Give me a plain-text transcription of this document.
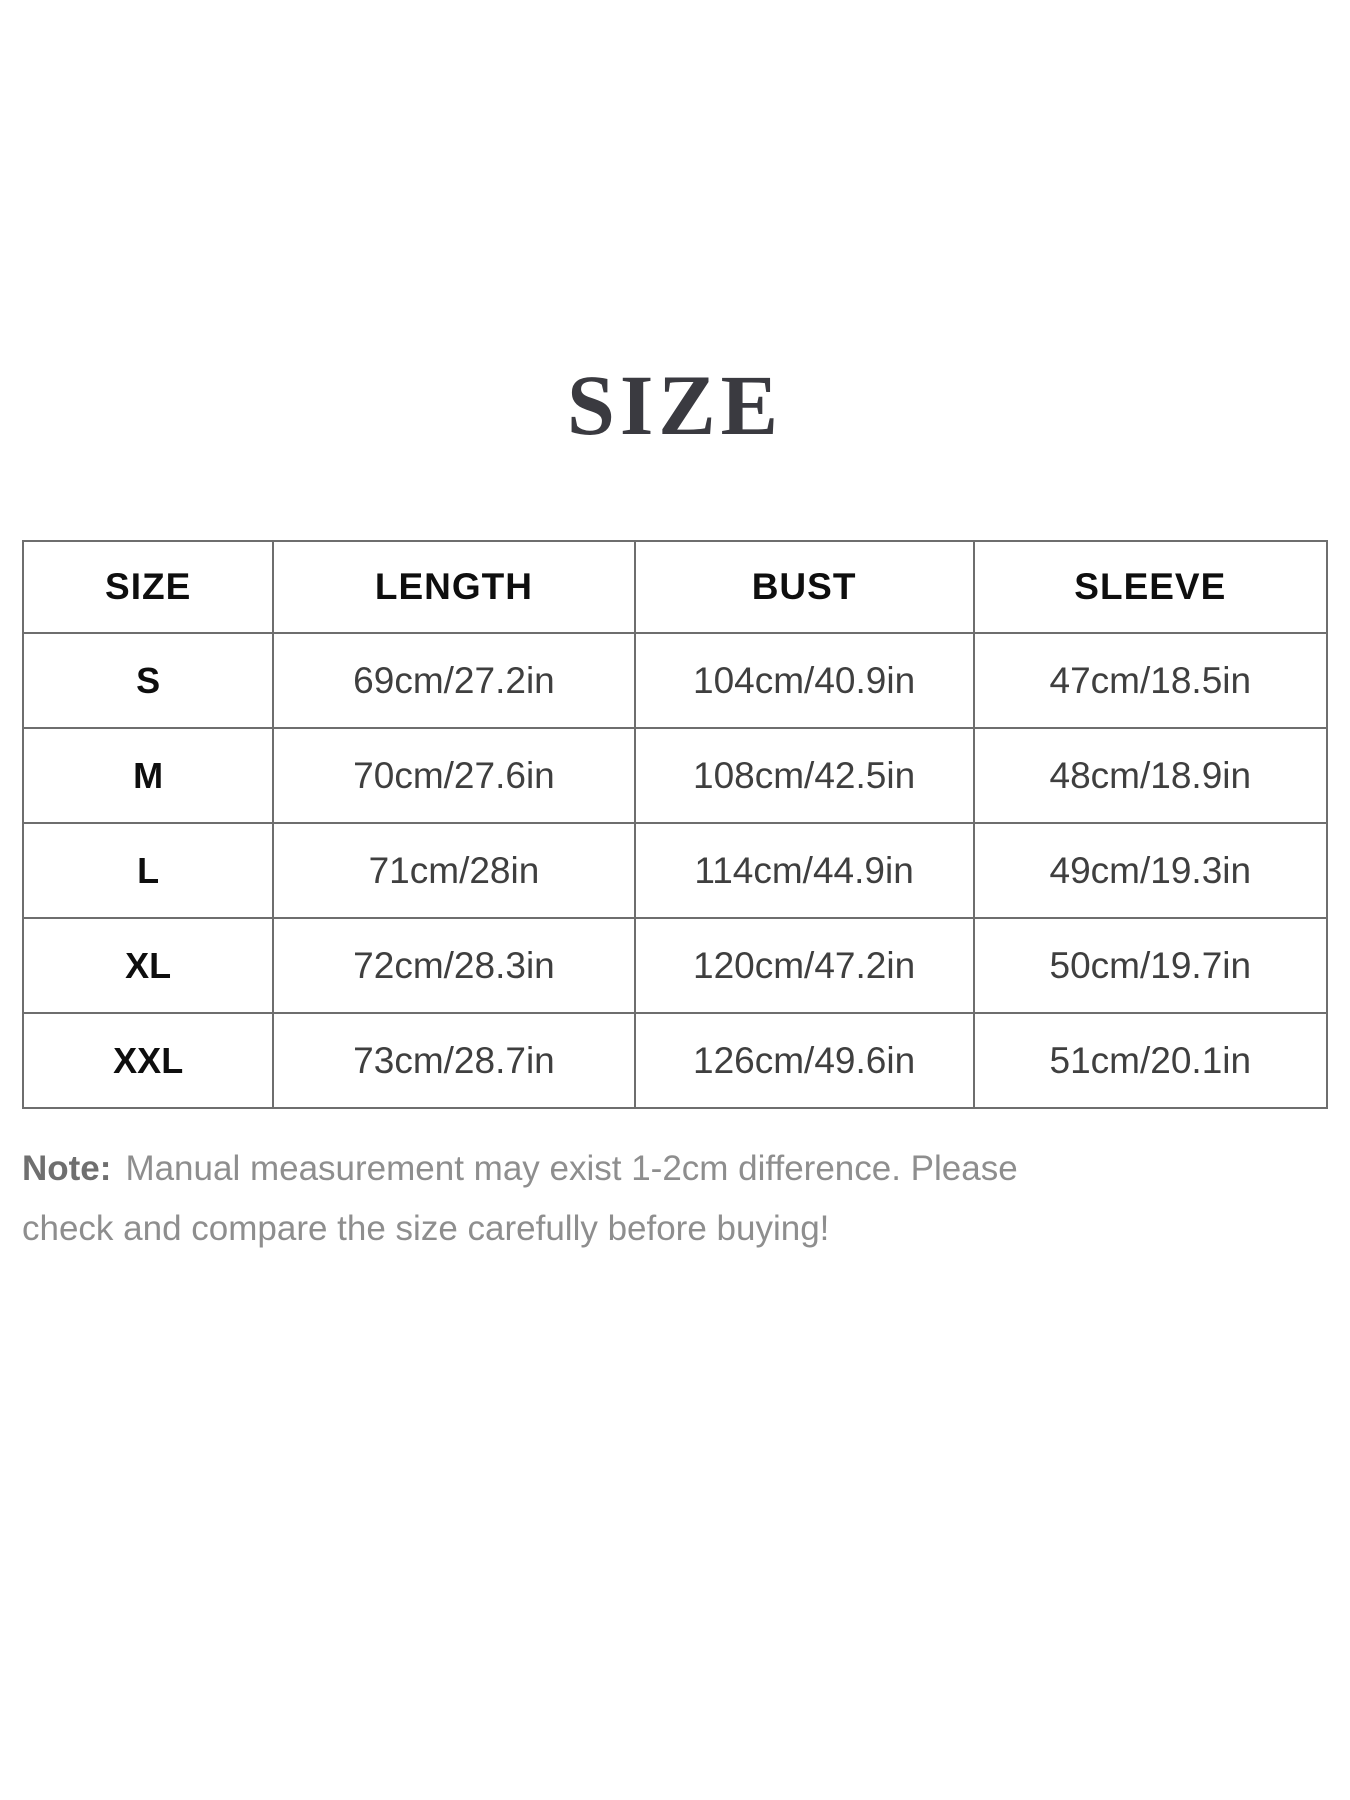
SIZE
SIZE	LENGTH	BUST	SLEEVE
S	69cm/27.2in	104cm/40.9in	47cm/18.5in
M	70cm/27.6in	108cm/42.5in	48cm/18.9in
L	71cm/28in	114cm/44.9in	49cm/19.3in
XL	72cm/28.3in	120cm/47.2in	50cm/19.7in
XXL	73cm/28.7in	126cm/49.6in	51cm/20.1in

Note: Manual measurement may exist 1-2cm difference. Please
check and compare the size carefully before buying!
